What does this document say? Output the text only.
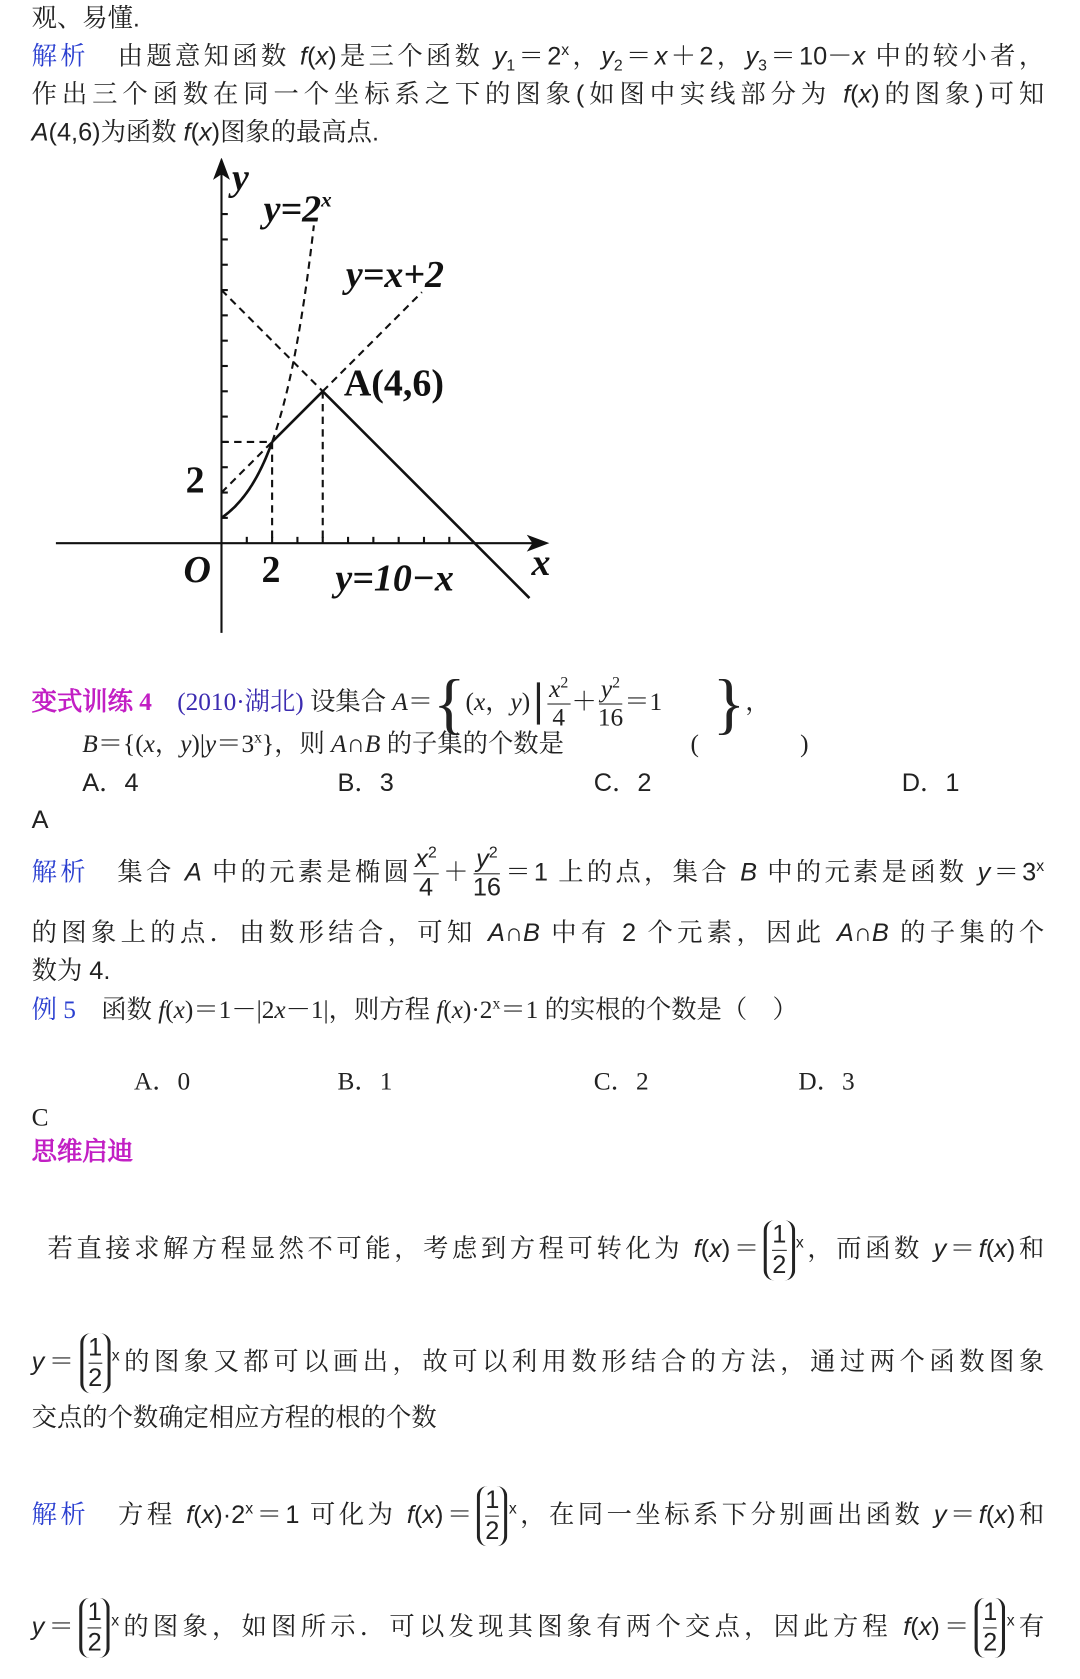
观、易懂.
解析　由题意知函数 f(x)是三个函数 $y_1=2^x$，$y_2=x+2$，$y_3=10-x$ 中的较小者，
作出三个函数在同一个坐标系之下的图象(如图中实线部分为 f(x)的图象)可知
A(4,6)为函数 f(x)图象的最高点.
y
$y=2^x$
y=x+2
A(4,6)
2
O 2 y=10−x x
变式训练 4　(2010·湖北) 设集合 A＝{(x，$y) \frac{x^2}{4} + \frac{y^2}{16} =1$　　}，
B＝{(x，$y)|y=3^x$}，则 A∩B 的子集的个数是　　　　　(　　　　)
A．4	B．3	C．2	D．1
A
解析　集合 A 中的元素是椭圆 $\frac{x^2}{4} + \frac{y^2}{16} =1$ 上的点，集合 B 中的元素是函数 $y=3^x$
的图象上的点．由数形结合，可知 A∩B 中有 2 个元素，因此 A∩B 的子集的个
数为 4.
例 5　函数 f(x)＝1－|2x－1|，则方程 $f(x)\cdot 2^x=1$ 的实根的个数是（　）
A．0	B．1	C．2	D．3
C
思维启迪
若直接求解方程显然不可能，考虑到方程可转化为 $f(x)= \frac{1}{2} ^x$，而函数 y＝f(x)和
$y= \frac{1}{2} ^x$的图象又都可以画出，故可以利用数形结合的方法，通过两个函数图象
交点的个数确定相应方程的根的个数
解析　方程 $f(x)\cdot 2^x=1$ 可化为 $f(x)= \frac{1}{2} ^x$，在同一坐标系下分别画出函数 y＝f(x)和
$y= \frac{1}{2} ^x$的图象，如图所示．可以发现其图象有两个交点，因此方程 $f(x)= \frac{1}{2} ^x$有
